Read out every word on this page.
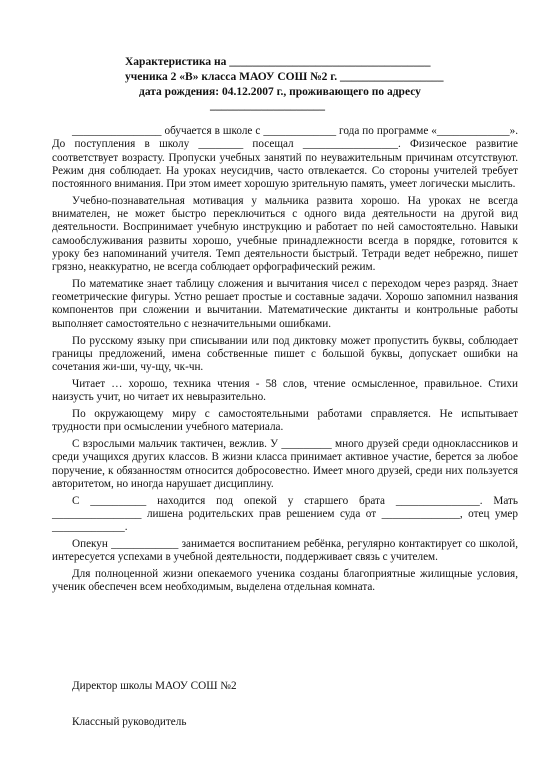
Характеристика на ___________________________________
ученика 2 «В» класса МАОУ СОШ №2 г. __________________
дата рождения: 04.12.2007 г., проживающего по адресу
____________________

________________ обучается в школе с _____________ года по программе «_____________». До поступления в школу ________ посещал _________________. Физическое развитие соответствует возрасту. Пропуски учебных занятий по неуважительным причинам отсутствуют. Режим дня соблюдает. На уроках неусидчив, часто отвлекается. Со стороны учителей требует постоянного внимания. При этом имеет хорошую зрительную память, умеет логически мыслить.

Учебно-познавательная мотивация у мальчика развита хорошо. На уроках не всегда внимателен, не может быстро переключиться с одного вида деятельности на другой вид деятельности. Воспринимает учебную инструкцию и работает по ней самостоятельно. Навыки самообслуживания развиты хорошо, учебные принадлежности всегда в порядке, готовится к уроку без напоминаний учителя. Темп деятельности быстрый. Тетради ведет небрежно, пишет грязно, неаккуратно, не всегда соблюдает орфографический режим.

По математике знает таблицу сложения и вычитания чисел с переходом через разряд. Знает геометрические фигуры. Устно решает простые и составные задачи. Хорошо запомнил названия компонентов при сложении и вычитании. Математические диктанты и контрольные работы выполняет самостоятельно с незначительными ошибками.

По русскому языку при списывании или под диктовку может пропустить буквы, соблюдает границы предложений, имена собственные пишет с большой буквы, допускает ошибки на сочетания жи-ши, чу-щу, чк-чн.

Читает … хорошо, техника чтения - 58 слов, чтение осмысленное, правильное. Стихи наизусть учит, но читает их невыразительно.

По окружающему миру с самостоятельными работами справляется. Не испытывает трудности при осмыслении учебного материала.

С взрослыми мальчик тактичен, вежлив. У _________ много друзей среди одноклассников и среди учащихся других классов. В жизни класса принимает активное участие, берется за любое поручение, к обязанностям относится добросовестно. Имеет много друзей, среди них пользуется авторитетом, но иногда нарушает дисциплину.

С __________ находится под опекой у старшего брата _______________. Мать ________________ лишена родительских прав решением суда от ______________, отец умер _____________.

Опекун ____________ занимается воспитанием ребёнка, регулярно контактирует со школой, интересуется успехами в учебной деятельности, поддерживает связь с учителем.

Для полноценной жизни опекаемого ученика созданы благоприятные жилищные условия, ученик обеспечен всем необходимым, выделена отдельная комната.

Директор школы МАОУ СОШ №2
Классный руководитель
